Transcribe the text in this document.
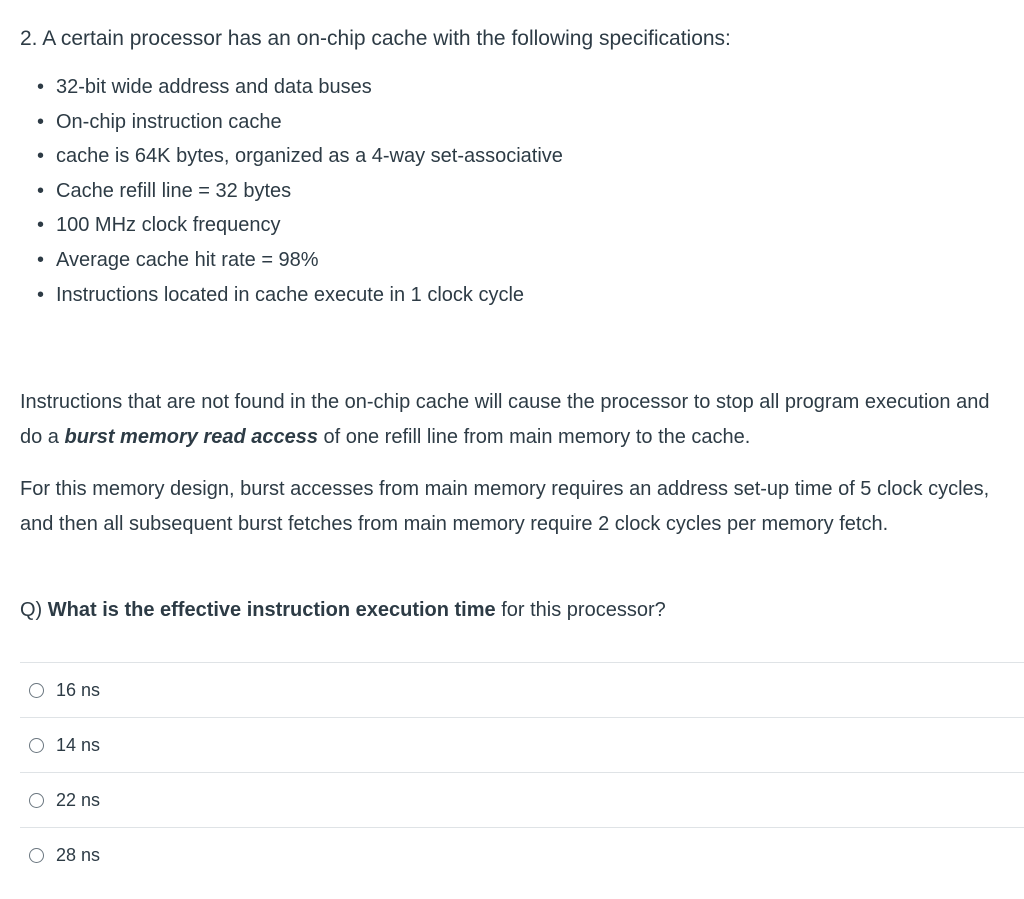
2. A certain processor has an on-chip cache with the following specifications:

• 32-bit wide address and data buses
• On-chip instruction cache
• cache is 64K bytes, organized as a 4-way set-associative
• Cache refill line = 32 bytes
• 100 MHz clock frequency
• Average cache hit rate = 98%
• Instructions located in cache execute in 1 clock cycle

Instructions that are not found in the on-chip cache will cause the processor to stop all program execution and do a burst memory read access of one refill line from main memory to the cache.

For this memory design, burst accesses from main memory requires an address set-up time of 5 clock cycles, and then all subsequent burst fetches from main memory require 2 clock cycles per memory fetch.

Q) What is the effective instruction execution time for this processor?

16 ns
14 ns
22 ns
28 ns
